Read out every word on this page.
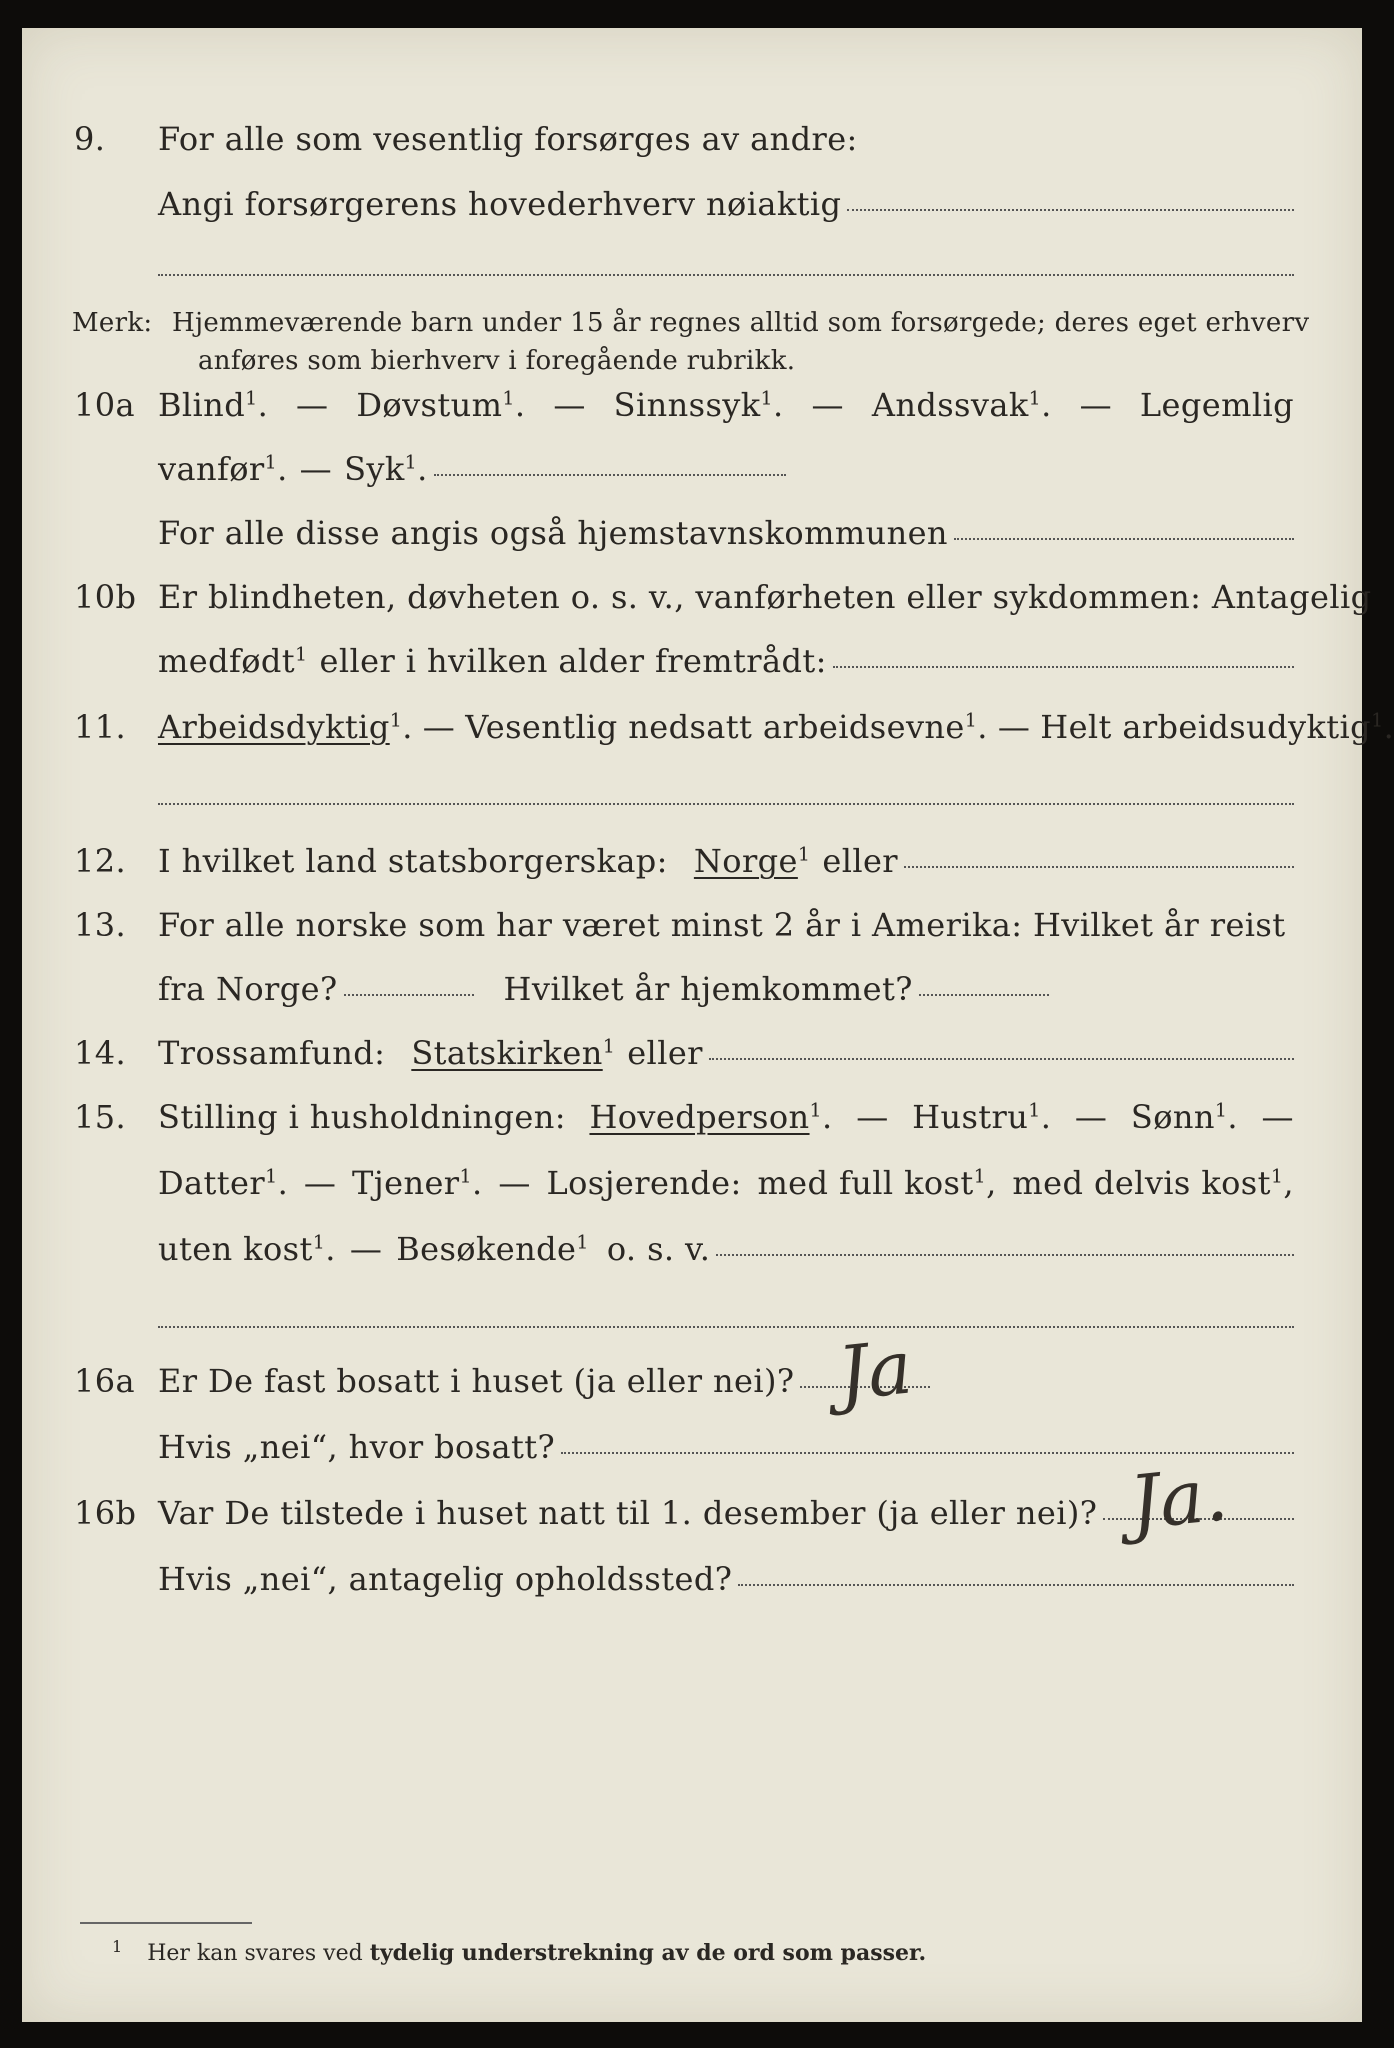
9.	For alle som vesentlig forsørges av andre:
Angi forsørgerens hovederhverv nøiaktig
Merk: Hjemmeværende barn under 15 år regnes alltid som forsørgede; deres eget erhverv
anføres som bierhverv i foregående rubrikk.
10a Blind$^1$. — Døvstum$^1$. — Sinnssyk$^1$. — Andssvak$^1$. — Legemlig
vanfør$^1$. — Syk$^1$.
For alle disse angis også hjemstavnskommunen
10b Er blindheten, døvheten o. s. v., vanførheten eller sykdommen: Antagelig
medfødt$^1$ eller i hvilken alder fremtrådt:
11. Arbeidsdyktig$^1$. — Vesentlig nedsatt arbeidsevne$^1$. — Helt arbeidsudyktig$^1$.
12. I hvilket land statsborgerskap: Norge$^1$ eller
13. For alle norske som har været minst 2 år i Amerika: Hvilket år reist
fra Norge?	Hvilket år hjemkommet?
14. Trossamfund: Statskirken$^1$ eller
15. Stilling i husholdningen: Hovedperson$^1$. — Hustru$^1$. — Sønn$^1$. —
Datter$^1$. — Tjener$^1$. — Losjerende: med full kost$^1$, med delvis kost$^1$,
uten kost$^1$. — Besøkende$^1$ o. s. v.
16a Er De fast bosatt i huset (ja eller nei)? Ja
Hvis „nei“, hvor bosatt?
16b Var De tilstede i huset natt til 1. desember (ja eller nei)? Ja.
Hvis „nei“, antagelig opholdssted?
$^1$ Her kan svares ved tydelig understrekning av de ord som passer.
